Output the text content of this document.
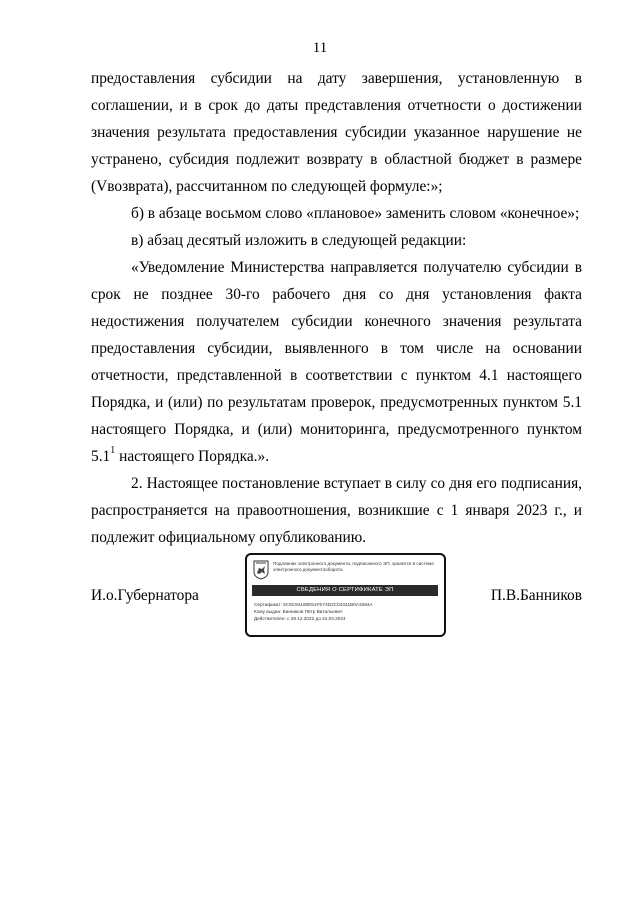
11

предоставления субсидии на дату завершения, установленную в соглашении, и в срок до даты представления отчетности о достижении значения результата предоставления субсидии указанное нарушение не устранено, субсидия подлежит возврату в областной бюджет в размере (Vвозврата), рассчитанном по следующей формуле:»;

б) в абзаце восьмом слово «плановое» заменить словом «конечное»;

в) абзац десятый изложить в следующей редакции:

«Уведомление Министерства направляется получателю субсидии в срок не позднее 30-го рабочего дня со дня установления факта недостижения получателем субсидии конечного значения результата предоставления субсидии, выявленного в том числе на основании отчетности, представленной в соответствии с пунктом 4.1 настоящего Порядка, и (или) по результатам проверок, предусмотренных пунктом 5.1 настоящего Порядка, и (или) мониторинга, предусмотренного пунктом $5.1^1$ настоящего Порядка.».

2. Настоящее постановление вступает в силу со дня его подписания, распространяется на правоотношения, возникшие с 1 января 2023 г., и подлежит официальному опубликованию.

И.о.Губернатора	П.В.Банников
Подлинник электронного документа, подписанного ЭП, хранится в системе электронного документооборота
СВЕДЕНИЯ О СЕРТИФИКАТЕ ЭП
Сертификат: 5C9C94180E51FE74D2C04341B0A3284A
Кому выдан: Банников Пётр Витальевич
Действителен: с 28.12.2022 до 22.03.2024
